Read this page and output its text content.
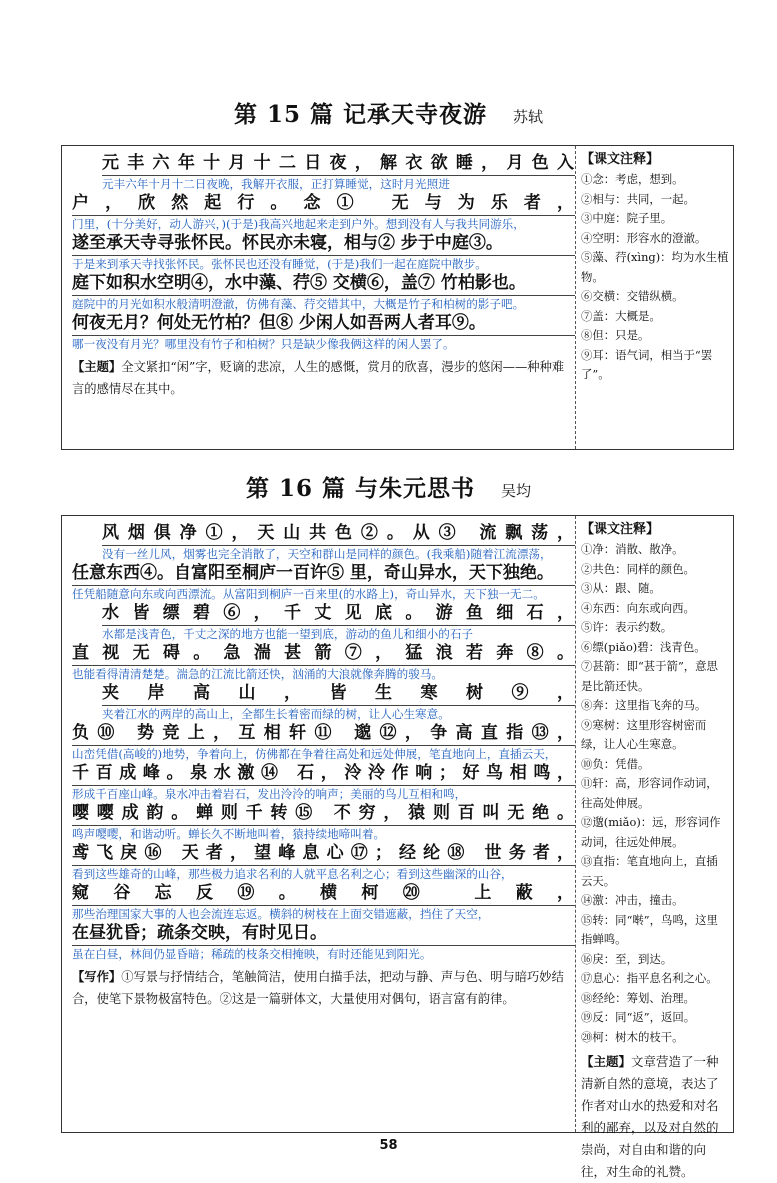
第 15 篇 记承天寺夜游 苏轼
元丰六年十月十二日夜，解衣欲睡，月色入
元丰六年十月十二日夜晚，我解开衣服，正打算睡觉，这时月光照进
户，欣然起行。念① 无与为乐者，
门里，(十分美好，动人游兴，)(于是)我高兴地起来走到户外。想到没有人与我共同游乐，
遂至承天寺寻张怀民。怀民亦未寝，相与② 步于中庭③。
于是来到承天寺找张怀民。张怀民也还没有睡觉，(于是)我们一起在庭院中散步。
庭下如积水空明④，水中藻、荇⑤ 交横⑥，盖⑦ 竹柏影也。
庭院中的月光如积水般清明澄澈，仿佛有藻、荇交错其中，大概是竹子和柏树的影子吧。
何夜无月？何处无竹柏？但⑧ 少闲人如吾两人者耳⑨。
哪一夜没有月光？哪里没有竹子和柏树？只是缺少像我俩这样的闲人罢了。
【主题】全文紧扣“闲”字，贬谪的悲凉，人生的感慨，赏月的欣喜，漫步的悠闲——种种难言的感情尽在其中。
【课文注释】
①念：考虑，想到。
②相与：共同，一起。
③中庭：院子里。
④空明：形容水的澄澈。
⑤藻、荇(xìng)：均为水生植物。
⑥交横：交错纵横。
⑦盖：大概是。
⑧但：只是。
⑨耳：语气词，相当于“罢了”。
第 16 篇 与朱元思书 吴均
风烟俱净①，天山共色②。从③ 流飘荡，
没有一丝儿风，烟雾也完全消散了，天空和群山是同样的颜色。(我乘船)随着江流漂荡，
任意东西④。自富阳至桐庐一百许⑤ 里，奇山异水，天下独绝。
任凭船随意向东或向西漂流。从富阳到桐庐一百来里(的水路上)，奇山异水，天下独一无二。
水皆缥碧⑥，千丈见底。游鱼细石，
水都是浅青色，千丈之深的地方也能一望到底，游动的鱼儿和细小的石子
直视无碍。急湍甚箭⑦，猛浪若奔⑧。
也能看得清清楚楚。湍急的江流比箭还快，汹涌的大浪就像奔腾的骏马。
夹岸高山，皆生寒树⑨，
夹着江水的两岸的高山上，全都生长着密而绿的树，让人心生寒意。
负⑩ 势竞上，互相轩⑪ 邈⑫，争高直指⑬，
山峦凭借(高峻的)地势，争着向上，仿佛都在争着往高处和远处伸展，笔直地向上，直插云天，
千百成峰。泉水激⑭ 石，泠泠作响；好鸟相鸣，
形成千百座山峰。泉水冲击着岩石，发出泠泠的响声；美丽的鸟儿互相和鸣，
嘤嘤成韵。蝉则千转⑮ 不穷，猿则百叫无绝。
鸣声嘤嘤，和谐动听。蝉长久不断地叫着，猿持续地啼叫着。
鸢飞戾⑯ 天者，望峰息心⑰；经纶⑱ 世务者，
看到这些雄奇的山峰，那些极力追求名利的人就平息名利之心；看到这些幽深的山谷，
窥谷忘反⑲。横柯⑳ 上蔽，
那些治理国家大事的人也会流连忘返。横斜的树枝在上面交错遮蔽，挡住了天空，
在昼犹昏；疏条交映，有时见日。
虽在白昼，林间仍显昏暗；稀疏的枝条交相掩映，有时还能见到阳光。
【写作】①写景与抒情结合，笔触简洁，使用白描手法，把动与静、声与色、明与暗巧妙结合，使笔下景物极富特色。②这是一篇骈体文，大量使用对偶句，语言富有韵律。
【课文注释】
①净：消散、散净。
②共色：同样的颜色。
③从：跟、随。
④东西：向东或向西。
⑤许：表示约数。
⑥缥(piǎo)碧：浅青色。
⑦甚箭：即“甚于箭”，意思是比箭还快。
⑧奔：这里指飞奔的马。
⑨寒树：这里形容树密而绿，让人心生寒意。
⑩负：凭借。
⑪轩：高，形容词作动词，往高处伸展。
⑫邈(miǎo)：远，形容词作动词，往远处伸展。
⑬直指：笔直地向上，直插云天。
⑭激：冲击，撞击。
⑮转：同“啭”，鸟鸣，这里指蝉鸣。
⑯戾：至，到达。
⑰息心：指平息名利之心。
⑱经纶：筹划、治理。
⑲反：同“返”，返回。
⑳柯：树木的枝干。
【主题】文章营造了一种清新自然的意境，表达了作者对山水的热爱和对名利的鄙弃，以及对自然的崇尚，对自由和谐的向往，对生命的礼赞。
58
